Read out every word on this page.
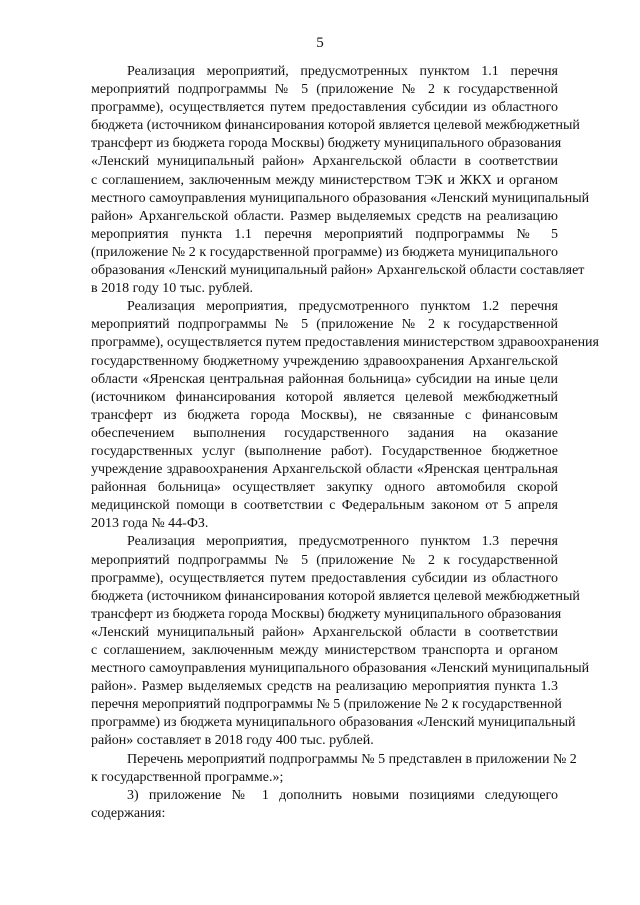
5
Реализация мероприятий, предусмотренных пунктом 1.1 перечня
мероприятий подпрограммы № 5 (приложение № 2 к государственной
программе), осуществляется путем предоставления субсидии из областного
бюджета (источником финансирования которой является целевой межбюджетный
трансферт из бюджета города Москвы) бюджету муниципального образования
«Ленский муниципальный район» Архангельской области в соответствии
с соглашением, заключенным между министерством ТЭК и ЖКХ и органом
местного самоуправления муниципального образования «Ленский муниципальный
район» Архангельской области. Размер выделяемых средств на реализацию
мероприятия пункта 1.1 перечня мероприятий подпрограммы № 5
(приложение № 2 к государственной программе) из бюджета муниципального
образования «Ленский муниципальный район» Архангельской области составляет
в 2018 году 10 тыс. рублей.
Реализация мероприятия, предусмотренного пунктом 1.2 перечня
мероприятий подпрограммы № 5 (приложение № 2 к государственной
программе), осуществляется путем предоставления министерством здравоохранения
государственному бюджетному учреждению здравоохранения Архангельской
области «Яренская центральная районная больница» субсидии на иные цели
(источником финансирования которой является целевой межбюджетный
трансферт из бюджета города Москвы), не связанные с финансовым
обеспечением выполнения государственного задания на оказание
государственных услуг (выполнение работ). Государственное бюджетное
учреждение здравоохранения Архангельской области «Яренская центральная
районная больница» осуществляет закупку одного автомобиля скорой
медицинской помощи в соответствии с Федеральным законом от 5 апреля
2013 года № 44-ФЗ.
Реализация мероприятия, предусмотренного пунктом 1.3 перечня
мероприятий подпрограммы № 5 (приложение № 2 к государственной
программе), осуществляется путем предоставления субсидии из областного
бюджета (источником финансирования которой является целевой межбюджетный
трансферт из бюджета города Москвы) бюджету муниципального образования
«Ленский муниципальный район» Архангельской области в соответствии
с соглашением, заключенным между министерством транспорта и органом
местного самоуправления муниципального образования «Ленский муниципальный
район». Размер выделяемых средств на реализацию мероприятия пункта 1.3
перечня мероприятий подпрограммы № 5 (приложение № 2 к государственной
программе) из бюджета муниципального образования «Ленский муниципальный
район» составляет в 2018 году 400 тыс. рублей.
Перечень мероприятий подпрограммы № 5 представлен в приложении № 2
к государственной программе.»;
3) приложение № 1 дополнить новыми позициями следующего
содержания:
